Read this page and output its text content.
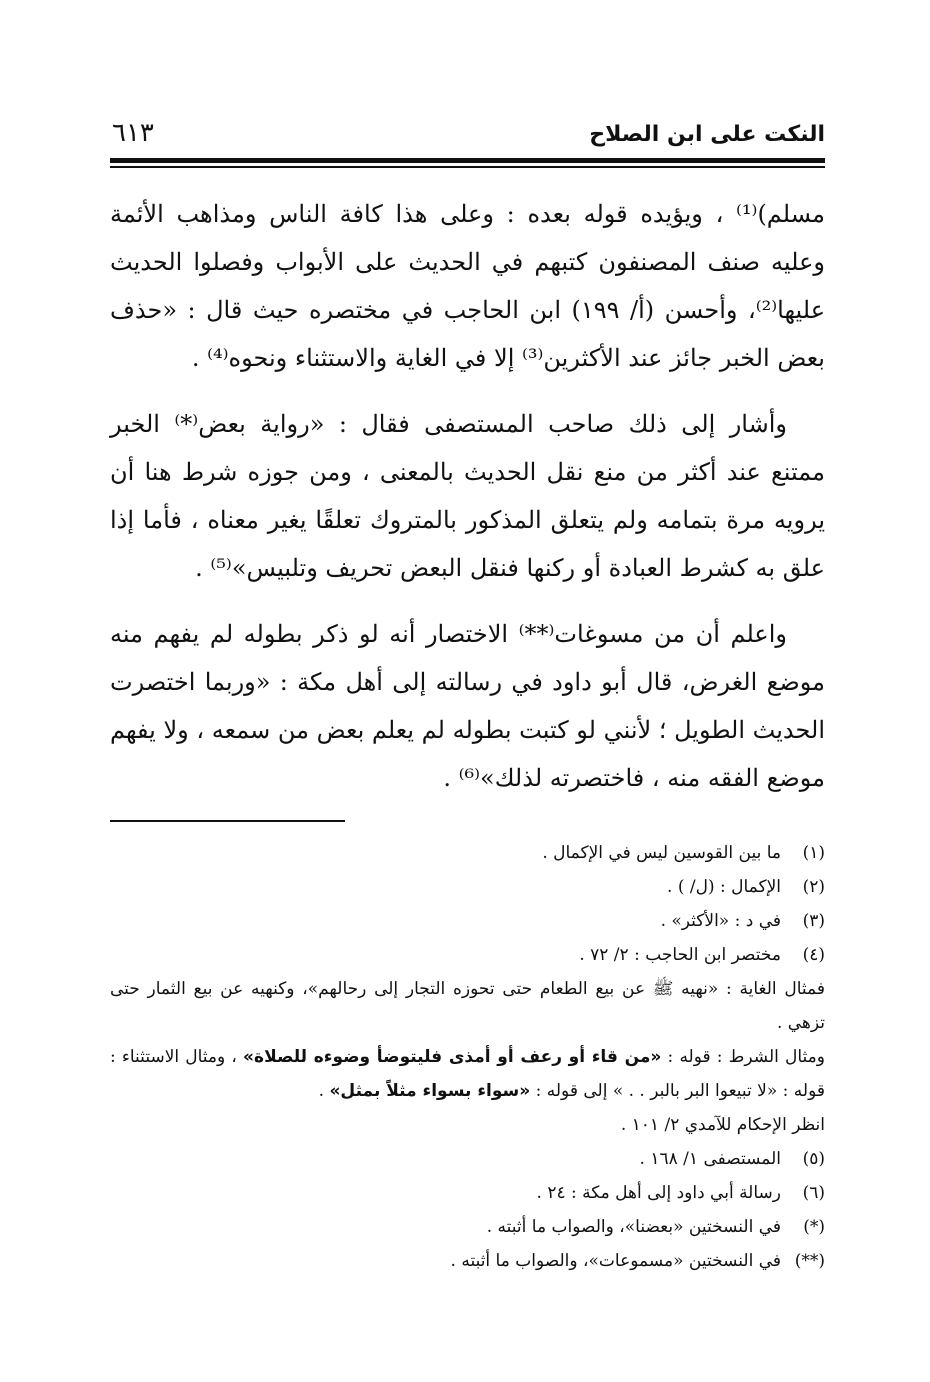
النكت على ابن الصلاح
٦١٣

مسلم)⁽¹⁾ ، ويؤيده قوله بعده : وعلى هذا كافة الناس ومذاهب الأئمة وعليه صنف المصنفون كتبهم في الحديث على الأبواب وفصلوا الحديث عليها⁽²⁾، وأحسن (أ/ ١٩٩) ابن الحاجب في مختصره حيث قال : «حذف بعض الخبر جائز عند الأكثرين⁽³⁾ إلا في الغاية والاستثناء ونحوه⁽⁴⁾ .

وأشار إلى ذلك صاحب المستصفى فقال : «رواية بعض⁽*⁾ الخبر ممتنع عند أكثر من منع نقل الحديث بالمعنى ، ومن جوزه شرط هنا أن يرويه مرة بتمامه ولم يتعلق المذكور بالمتروك تعلقًا يغير معناه ، فأما إذا علق به كشرط العبادة أو ركنها فنقل البعض تحريف وتلبيس»⁽⁵⁾ .

واعلم أن من مسوغات⁽**⁾ الاختصار أنه لو ذكر بطوله لم يفهم منه موضع الغرض، قال أبو داود في رسالته إلى أهل مكة : «وربما اختصرت الحديث الطويل ؛ لأنني لو كتبت بطوله لم يعلم بعض من سمعه ، ولا يفهم موضع الفقه منه ، فاختصرته لذلك»⁽⁶⁾ .

(١)
ما بين القوسين ليس في الإكمال .
(٢)
الإكمال : (ل/ ) .
(٣)
في د : «الأكثر» .
(٤)
مختصر ابن الحاجب : ٢/ ٧٢ .
فمثال الغاية : «نهيه ﷺ عن بيع الطعام حتى تحوزه التجار إلى رحالهم»، وكنهيه عن بيع الثمار حتى تزهي .
ومثال الشرط : قوله : «من قاء أو رعف أو أمذى فليتوضأ وضوءه للصلاة» ، ومثال الاستثناء : قوله : «لا تبيعوا البر بالبر . . » إلى قوله : «سواء بسواء مثلاً بمثل» .
انظر الإحكام للآمدي ٢/ ١٠١ .
(٥)
المستصفى ١/ ١٦٨ .
(٦)
رسالة أبي داود إلى أهل مكة : ٢٤ .
(*)
في النسختين «بعضنا»، والصواب ما أثبته .
(**)
في النسختين «مسموعات»، والصواب ما أثبته .
